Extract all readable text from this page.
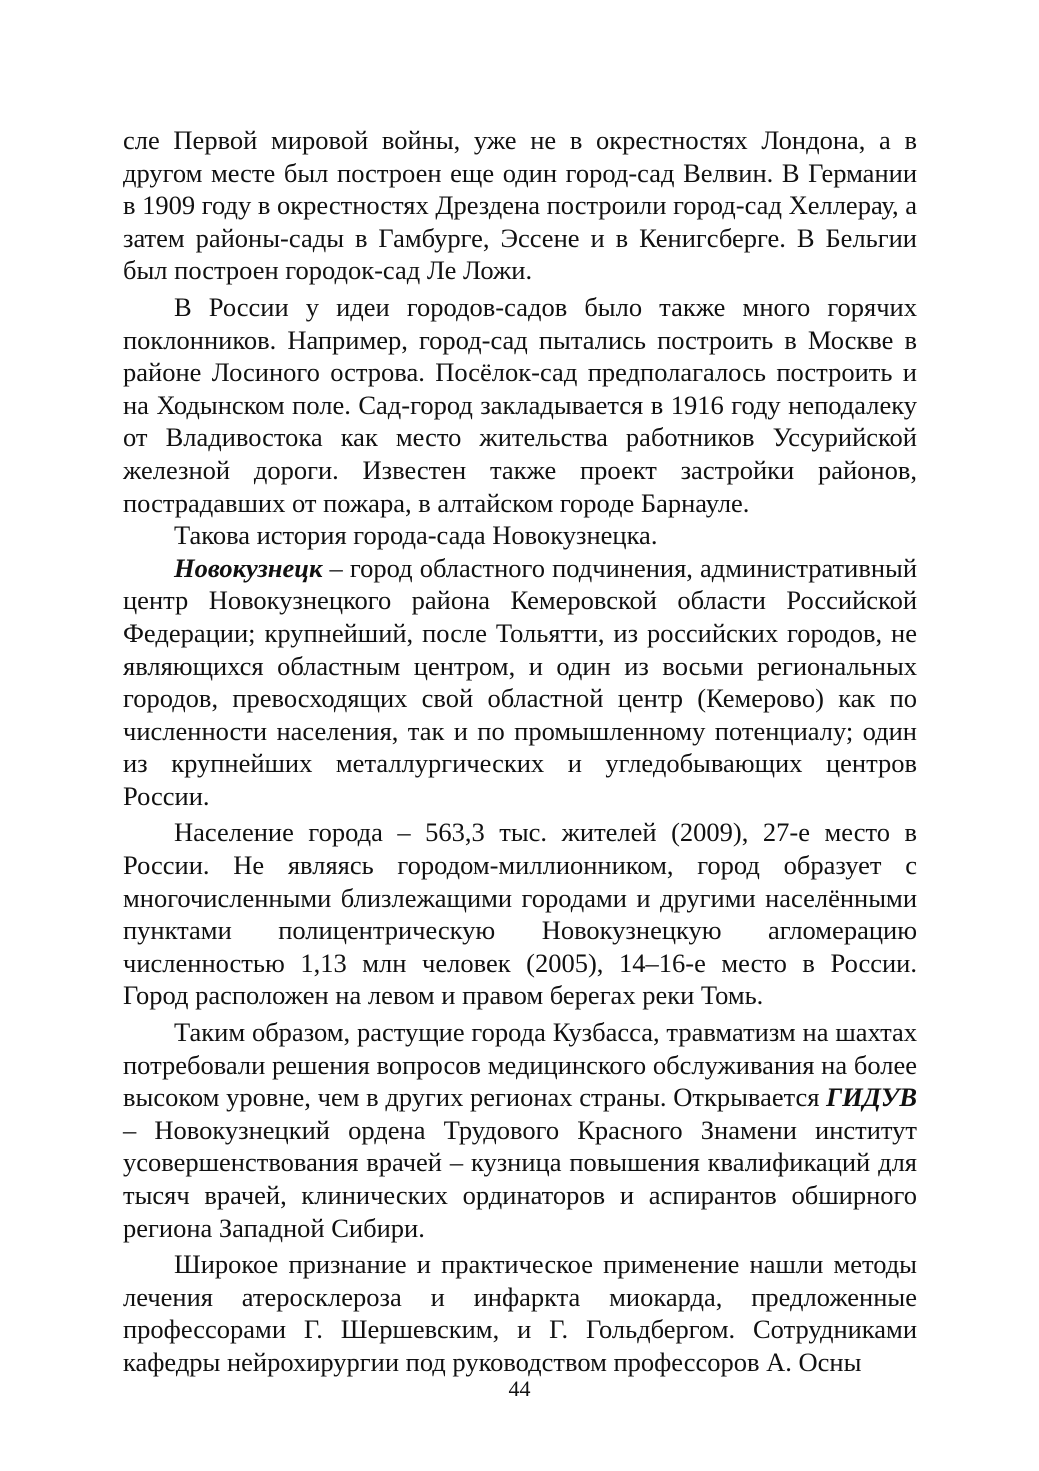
сле Первой мировой войны, уже не в окрестностях Лондона, а в другом месте был построен еще один город-сад Велвин. В Германии в 1909 году в окрестностях Дрездена построили город-сад Хеллерау, а затем районы-сады в Гамбурге, Эссене и в Кенигсберге. В Бельгии был построен городок-сад Ле Ложи.

В России у идеи городов-садов было также много горячих поклонников. Например, город-сад пытались построить в Москве в районе Лосиного острова. Посёлок-сад предполагалось построить и на Ходынском поле. Сад-город закладывается в 1916 году неподалеку от Владивостока как место жительства работников Уссурийской железной дороги. Известен также проект застройки районов, пострадавших от пожара, в алтайском городе Барнауле.

Такова история города-сада Новокузнецка.

Новокузнецк – город областного подчинения, административный центр Новокузнецкого района Кемеровской области Российской Федерации; крупнейший, после Тольятти, из российских городов, не являющихся областным центром, и один из восьми региональных городов, превосходящих свой областной центр (Кемерово) как по численности населения, так и по промышленному потенциалу; один из крупнейших металлургических и угледобывающих центров России.

Население города – 563,3 тыс. жителей (2009), 27-е место в России. Не являясь городом-миллионником, город образует с многочисленными близлежащими городами и другими населёнными пунктами полицентрическую Новокузнецкую агломерацию численностью 1,13 млн человек (2005), 14–16-е место в России. Город расположен на левом и правом берегах реки Томь.

Таким образом, растущие города Кузбасса, травматизм на шахтах потребовали решения вопросов медицинского обслуживания на более высоком уровне, чем в других регионах страны. Открывается ГИДУВ – Новокузнецкий ордена Трудового Красного Знамени институт усовершенствования врачей – кузница повышения квалификаций для тысяч врачей, клинических ординаторов и аспирантов обширного региона Западной Сибири.

Широкое признание и практическое применение нашли методы лечения атеросклероза и инфаркта миокарда, предложенные профессорами Г. Шершевским, и Г. Гольдбергом. Сотрудниками кафедры нейрохирургии под руководством профессоров А. Осны

44
